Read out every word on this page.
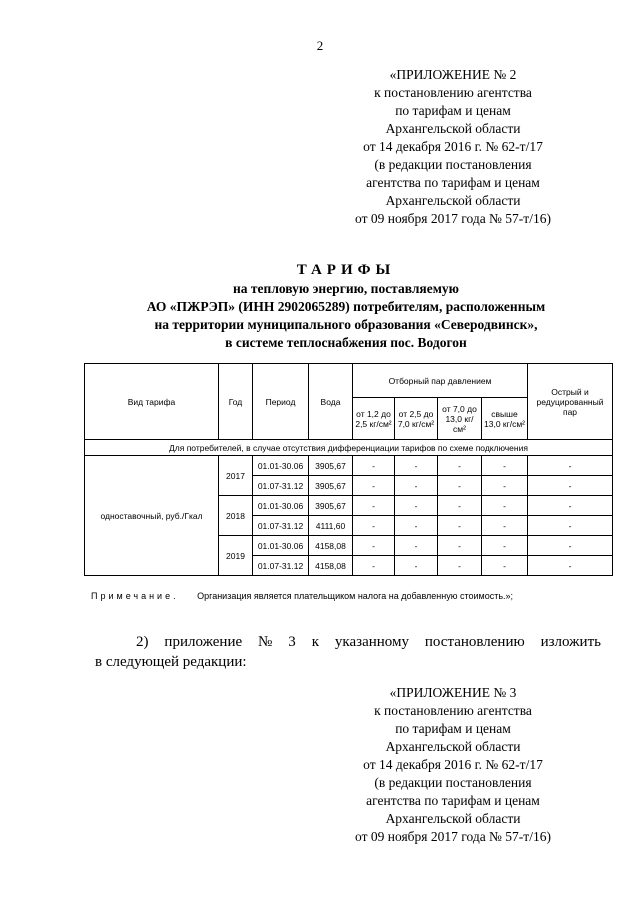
2
«ПРИЛОЖЕНИЕ № 2
к постановлению агентства
по тарифам и ценам
Архангельской области
от 14 декабря 2016 г. № 62-т/17
(в редакции постановления
агентства по тарифам и ценам
Архангельской области
от 09 ноября 2017 года № 57-т/16)
ТАРИФЫ
на тепловую энергию, поставляемую
АО «ПЖРЭП» (ИНН 2902065289) потребителям, расположенным
на территории муниципального образования «Северодвинск»,
в системе теплоснабжения пос. Водогон
Вид тарифа	Год	Период	Вода	Отборный пар давлением				Острый и редуцированный пар
				от 1,2 до 2,5 кг/см²	от 2,5 до 7,0 кг/см²	от 7,0 до 13,0 кг/см²	свыше 13,0 кг/см²	
Для потребителей, в случае отсутствия дифференциации тарифов по схеме подключения								
одноставочный, руб./Гкал	2017	01.01-30.06	3905,67	-	-	-	-	-
		01.07-31.12	3905,67	-	-	-	-	-
	2018	01.01-30.06	3905,67	-	-	-	-	-
		01.07-31.12	4111,60	-	-	-	-	-
	2019	01.01-30.06	4158,08	-	-	-	-	-
		01.07-31.12	4158,08	-	-	-	-	-
Примечание. Организация является плательщиком налога на добавленную стоимость.»;
2) приложение № 3 к указанному постановлению изложить
в следующей редакции:
«ПРИЛОЖЕНИЕ № 3
к постановлению агентства
по тарифам и ценам
Архангельской области
от 14 декабря 2016 г. № 62-т/17
(в редакции постановления
агентства по тарифам и ценам
Архангельской области
от 09 ноября 2017 года № 57-т/16)
